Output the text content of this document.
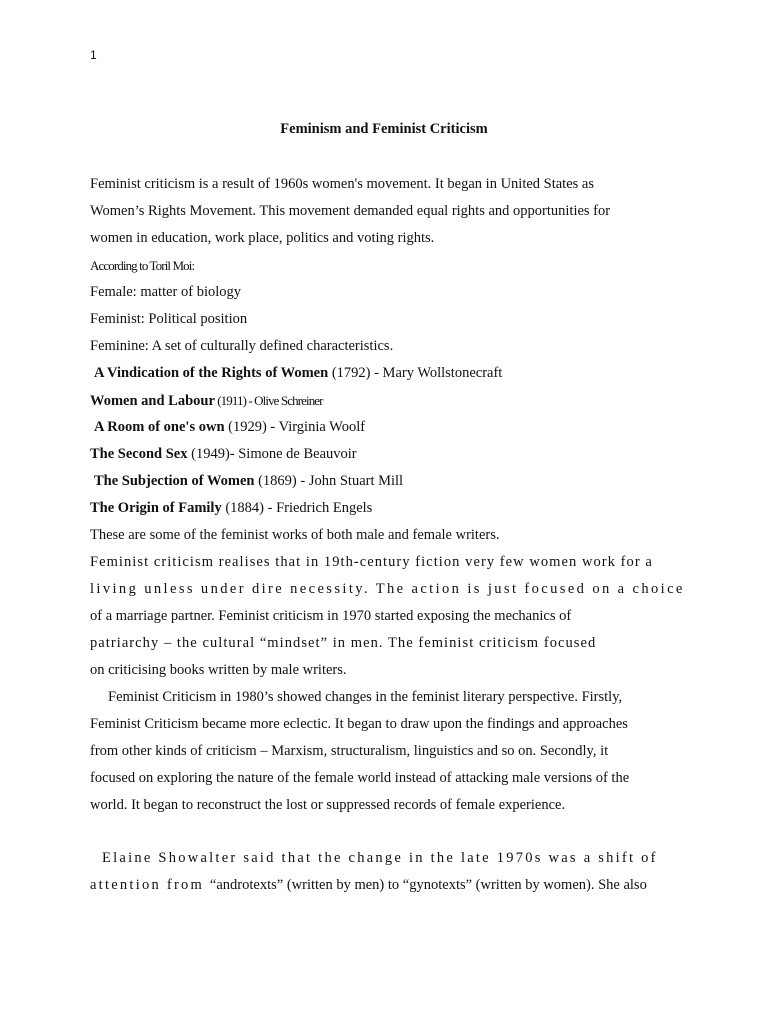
1
Feminism and Feminist Criticism
Feminist criticism is a result of 1960s women's movement. It began in United States as
Women’s Rights Movement. This movement demanded equal rights and opportunities for
women in education, work place, politics and voting rights.
According to Toril Moi:
Female: matter of biology
Feminist: Political position
Feminine: A set of culturally defined characteristics.
A Vindication of the Rights of Women (1792) - Mary Wollstonecraft
Women and Labour (1911) - Olive Schreiner
A Room of one's own (1929) - Virginia Woolf
The Second Sex (1949)- Simone de Beauvoir
The Subjection of Women (1869) - John Stuart Mill
The Origin of Family (1884) - Friedrich Engels
These are some of the feminist works of both male and female writers.
Feminist criticism realises that in 19th-century fiction very few women work for a
living unless under dire necessity. The action is just focused on a choice
of a marriage partner. Feminist criticism in 1970 started exposing the mechanics of
patriarchy – the cultural “mindset” in men. The feminist criticism focused
on criticising books written by male writers.
Feminist Criticism in 1980’s showed changes in the feminist literary perspective. Firstly,
Feminist Criticism became more eclectic. It began to draw upon the findings and approaches
from other kinds of criticism – Marxism, structuralism, linguistics and so on. Secondly, it
focused on exploring the nature of the female world instead of attacking male versions of the
world. It began to reconstruct the lost or suppressed records of female experience.
Elaine Showalter said that the change in the late 1970s was a shift of
attention from “androtexts” (written by men) to “gynotexts” (written by women). She also
